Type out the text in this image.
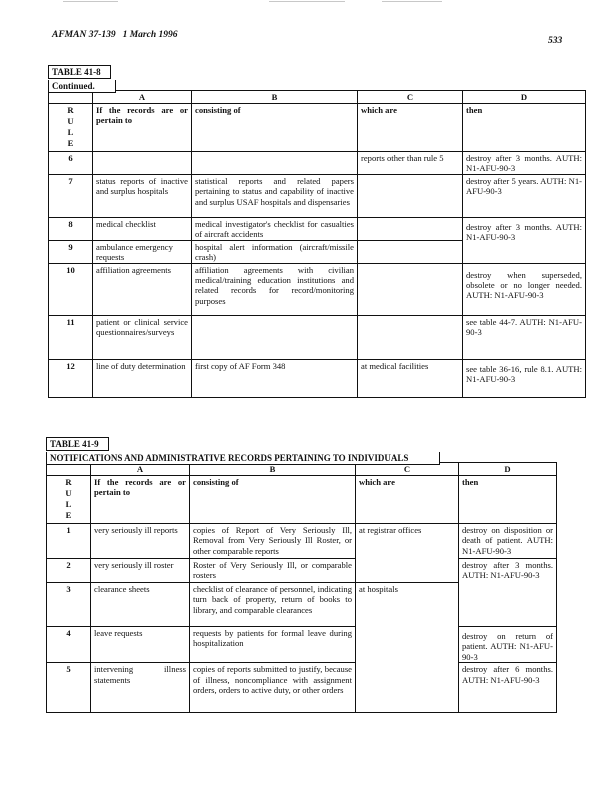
AFMAN 37-139 1 March 1996
533
TABLE 41-8
Continued.
	A	B	C	D

R
U
L
E	If the records are or pertain to	consisting of	which are	then
6			reports other than rule 5	destroy after 3 months. AUTH: N1-AFU-90-3
7	status reports of inactive and surplus hospitals	statistical reports and related papers pertaining to status and capability of inactive and surplus USAF hospitals and dispensaries		destroy after 5 years. AUTH: N1-AFU-90-3
8	medical checklist	medical investigator's checklist for casualties of aircraft accidents		destroy after 3 months. AUTH: N1-AFU-90-3
9	ambulance emergency requests	hospital alert information (aircraft/missile crash)		
10	affiliation agreements	affiliation agreements with civilian medical/training education institutions and related records for record/monitoring purposes		destroy when superseded, obsolete or no longer needed. AUTH: N1-AFU-90-3
11	patient or clinical service questionnaires/surveys			see table 44-7. AUTH: N1-AFU-90-3
12	line of duty determination	first copy of AF Form 348	at medical facilities	see table 36-16, rule 8.1. AUTH: N1-AFU-90-3
TABLE 41-9
NOTIFICATIONS AND ADMINISTRATIVE RECORDS PERTAINING TO INDIVIDUALS
	A	B	C	D

R
U
L
E	If the records are or pertain to	consisting of	which are	then
1	very seriously ill reports	copies of Report of Very Seriously Ill, Removal from Very Seriously Ill Roster, or other comparable reports	at registrar offices	destroy on disposition or death of patient. AUTH: N1-AFU-90-3
2	very seriously ill roster	Roster of Very Seriously Ill, or comparable rosters		destroy after 3 months. AUTH: N1-AFU-90-3
3	clearance sheets	checklist of clearance of personnel, indicating turn back of property, return of books to library, and comparable clearances	at hospitals	
4	leave requests	requests by patients for formal leave during hospitalization		destroy on return of patient. AUTH: N1-AFU-90-3
5	intervening illness statements	copies of reports submitted to justify, because of illness, noncompliance with assignment orders, orders to active duty, or other orders		destroy after 6 months. AUTH: N1-AFU-90-3
